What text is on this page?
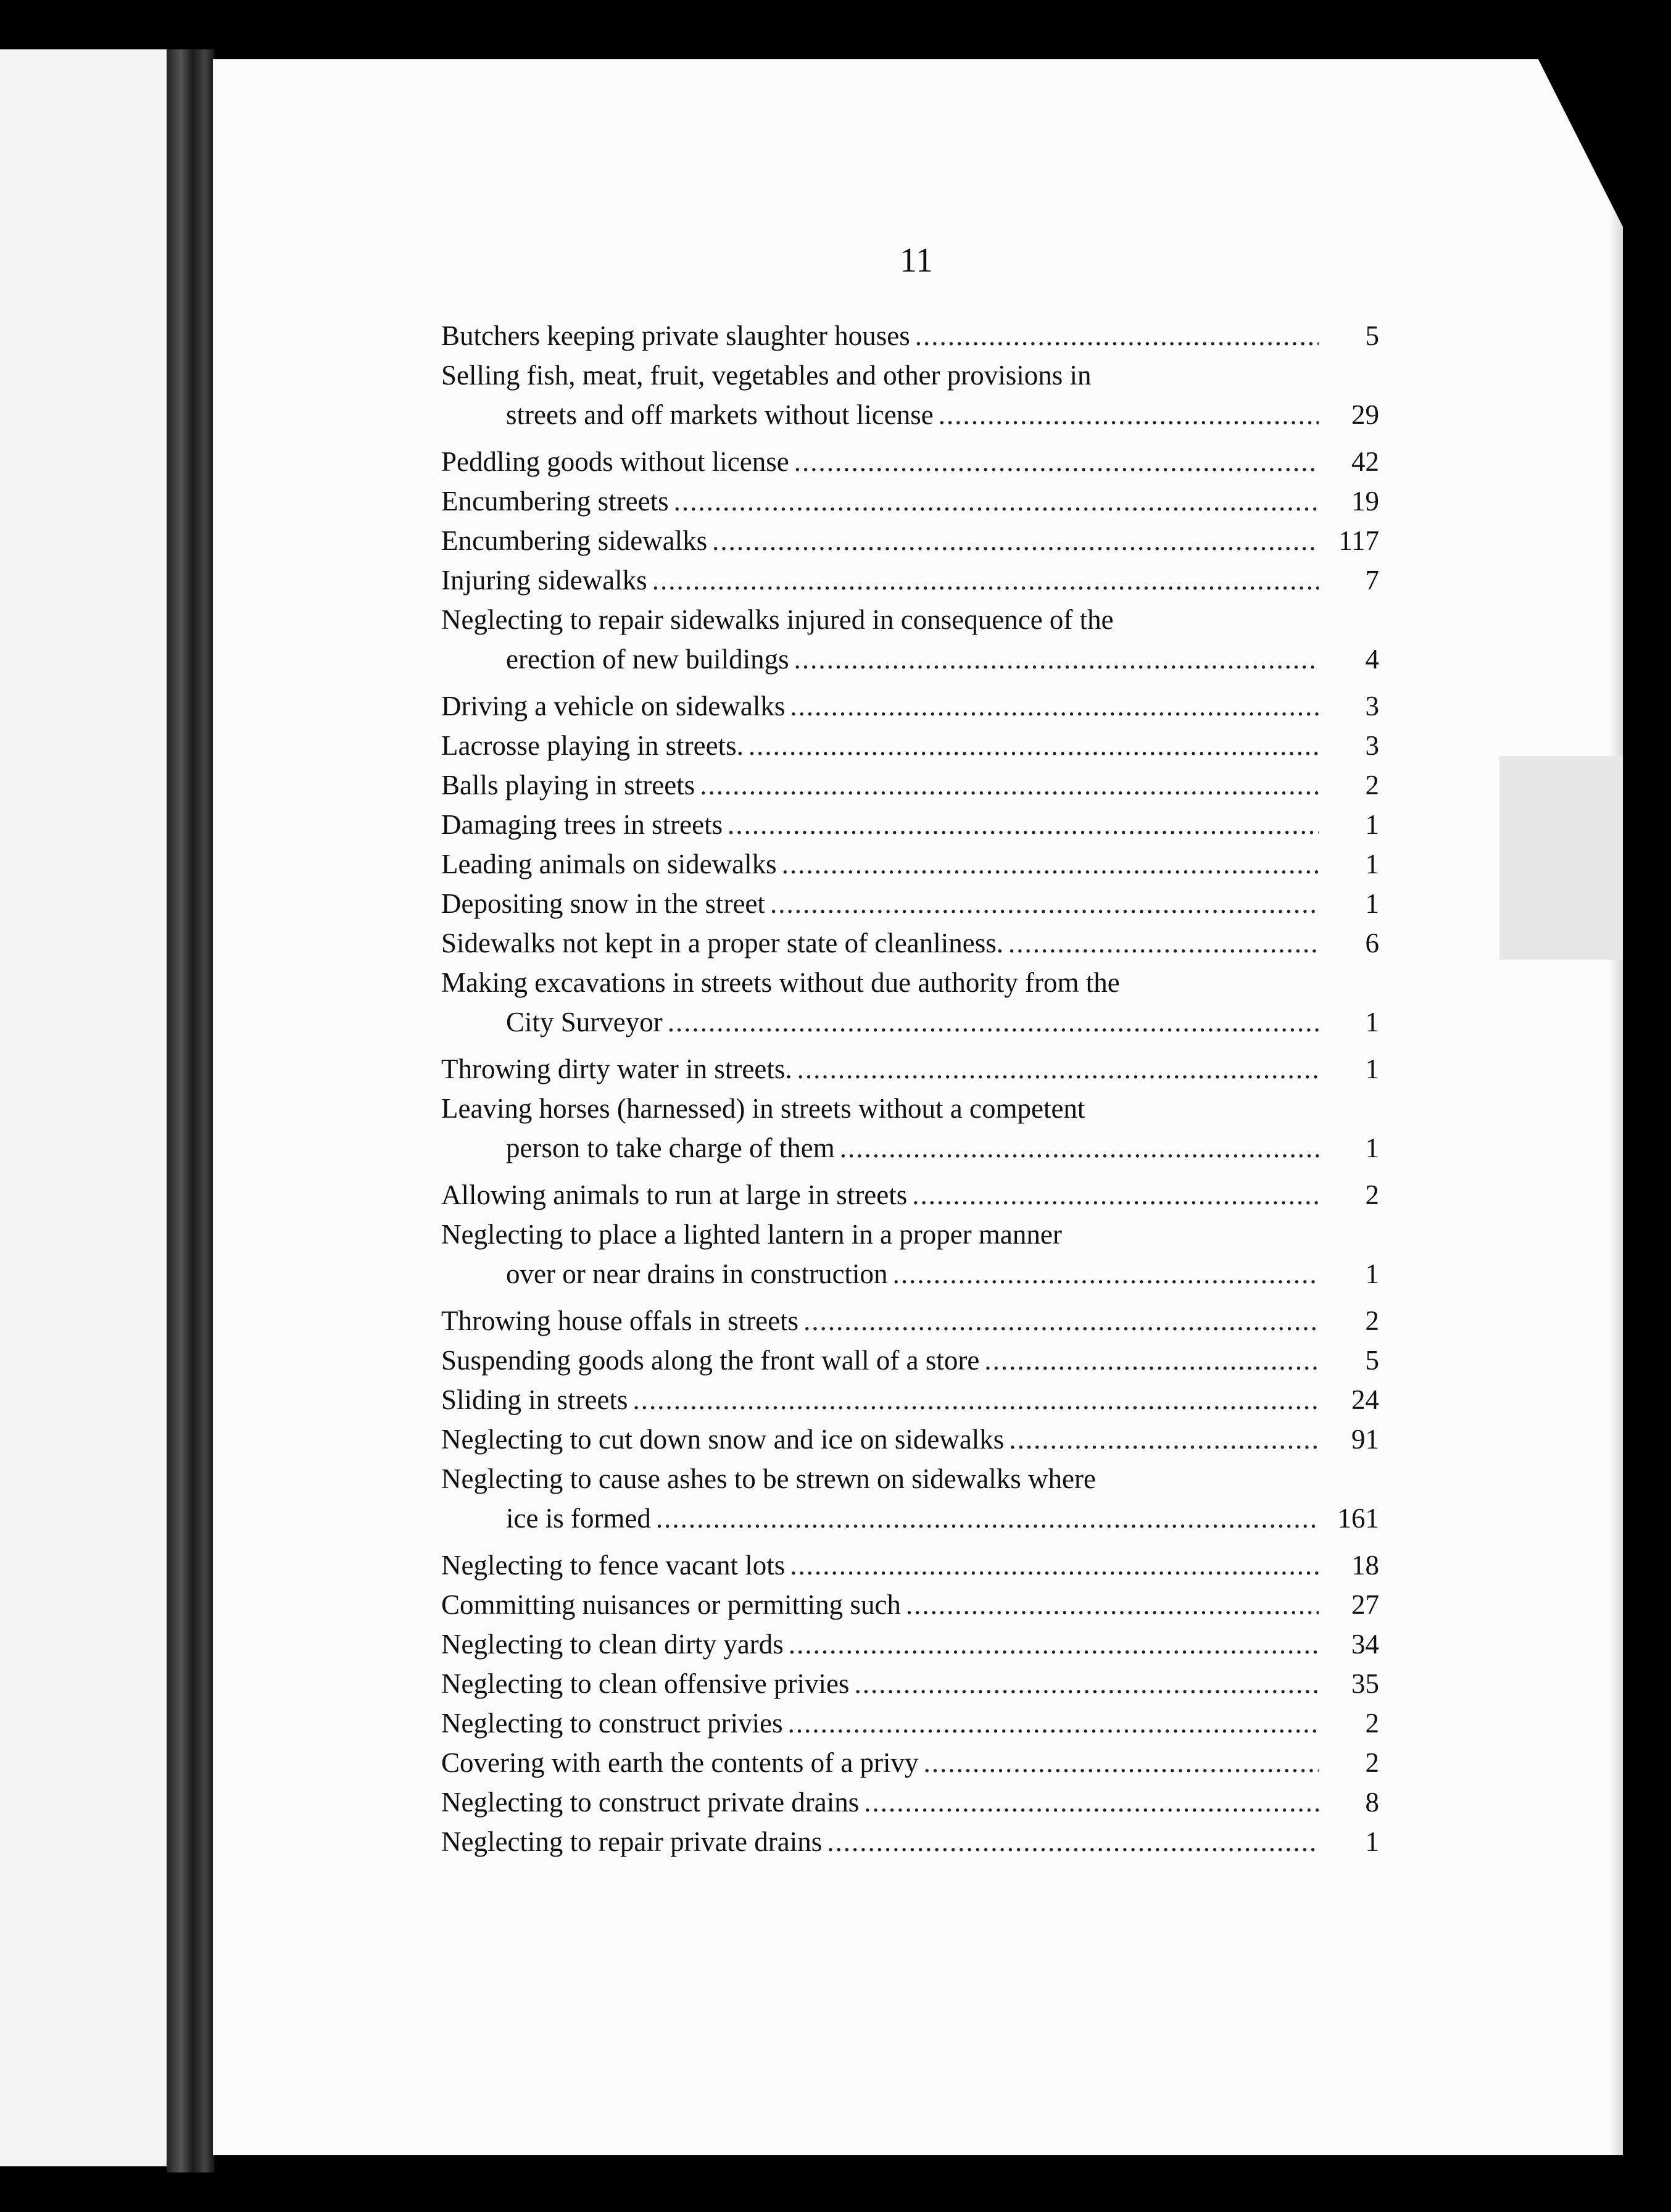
11
Butchers keeping private slaughter houses .....	5
Selling fish, meat, fruit, vegetables and other provisions in
streets and off markets without license .....	29
Peddling goods without license .....	42
Encumbering streets .....	19
Encumbering sidewalks .....	117
Injuring sidewalks .....	7
Neglecting to repair sidewalks injured in consequence of the
erection of new buildings .....	4
Driving a vehicle on sidewalks .....	3
Lacrosse playing in streets. .....	3
Balls playing in streets .....	2
Damaging trees in streets .....	1
Leading animals on sidewalks .....	1
Depositing snow in the street .....	1
Sidewalks not kept in a proper state of cleanliness. .....	6
Making excavations in streets without due authority from the
City Surveyor .....	1
Throwing dirty water in streets. .....	1
Leaving horses (harnessed) in streets without a competent
person to take charge of them .....	1
Allowing animals to run at large in streets .....	2
Neglecting to place a lighted lantern in a proper manner
over or near drains in construction .....	1
Throwing house offals in streets .....	2
Suspending goods along the front wall of a store .....	5
Sliding in streets .....	24
Neglecting to cut down snow and ice on sidewalks .....	91
Neglecting to cause ashes to be strewn on sidewalks where
ice is formed .....	161
Neglecting to fence vacant lots .....	18
Committing nuisances or permitting such .....	27
Neglecting to clean dirty yards .....	34
Neglecting to clean offensive privies .....	35
Neglecting to construct privies .....	2
Covering with earth the contents of a privy .....	2
Neglecting to construct private drains .....	8
Neglecting to repair private drains .....	1
